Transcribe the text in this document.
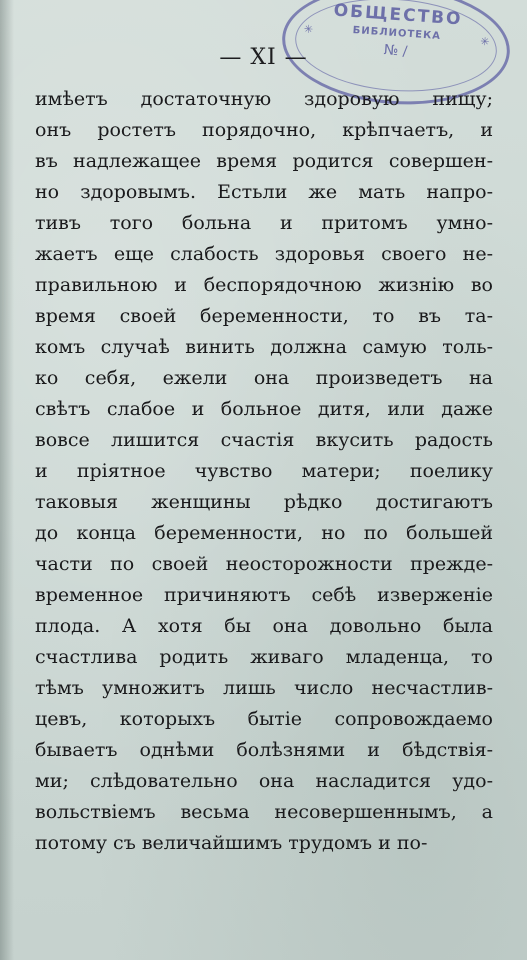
ОБЩЕСТВО
✳	БИБЛИОТЕКА	✳
№ /
— XI —
имѣетъ достаточную здоровую пищу;
онъ ростетъ порядочно, крѣпчаетъ, и
въ надлежащее время родится совершен-
но здоровымъ. Естьли же мать напро-
тивъ того больна и притомъ умно-
жаетъ еще слабость здоровья своего не-
правильною и беспорядочною жизнію во
время своей беременности, то въ та-
комъ случаѣ винить должна самую толь-
ко себя, ежели она произведетъ на
свѣтъ слабое и больное дитя, или даже
вовсе лишится счастія вкусить радость
и пріятное чувство матери; поелику
таковыя женщины рѣдко достигаютъ
до конца беременности, но по большей
части по своей неосторожности прежде-
временное причиняютъ себѣ изверженіе
плода. А хотя бы она довольно была
счастлива родить живаго младенца, то
тѣмъ умножитъ лишь число несчастлив-
цевъ, которыхъ бытіе сопровождаемо
бываетъ однѣми болѣзнями и бѣдствія-
ми; слѣдовательно она насладится удо-
вольствіемъ весьма несовершеннымъ, а
потому съ величайшимъ трудомъ и по-
